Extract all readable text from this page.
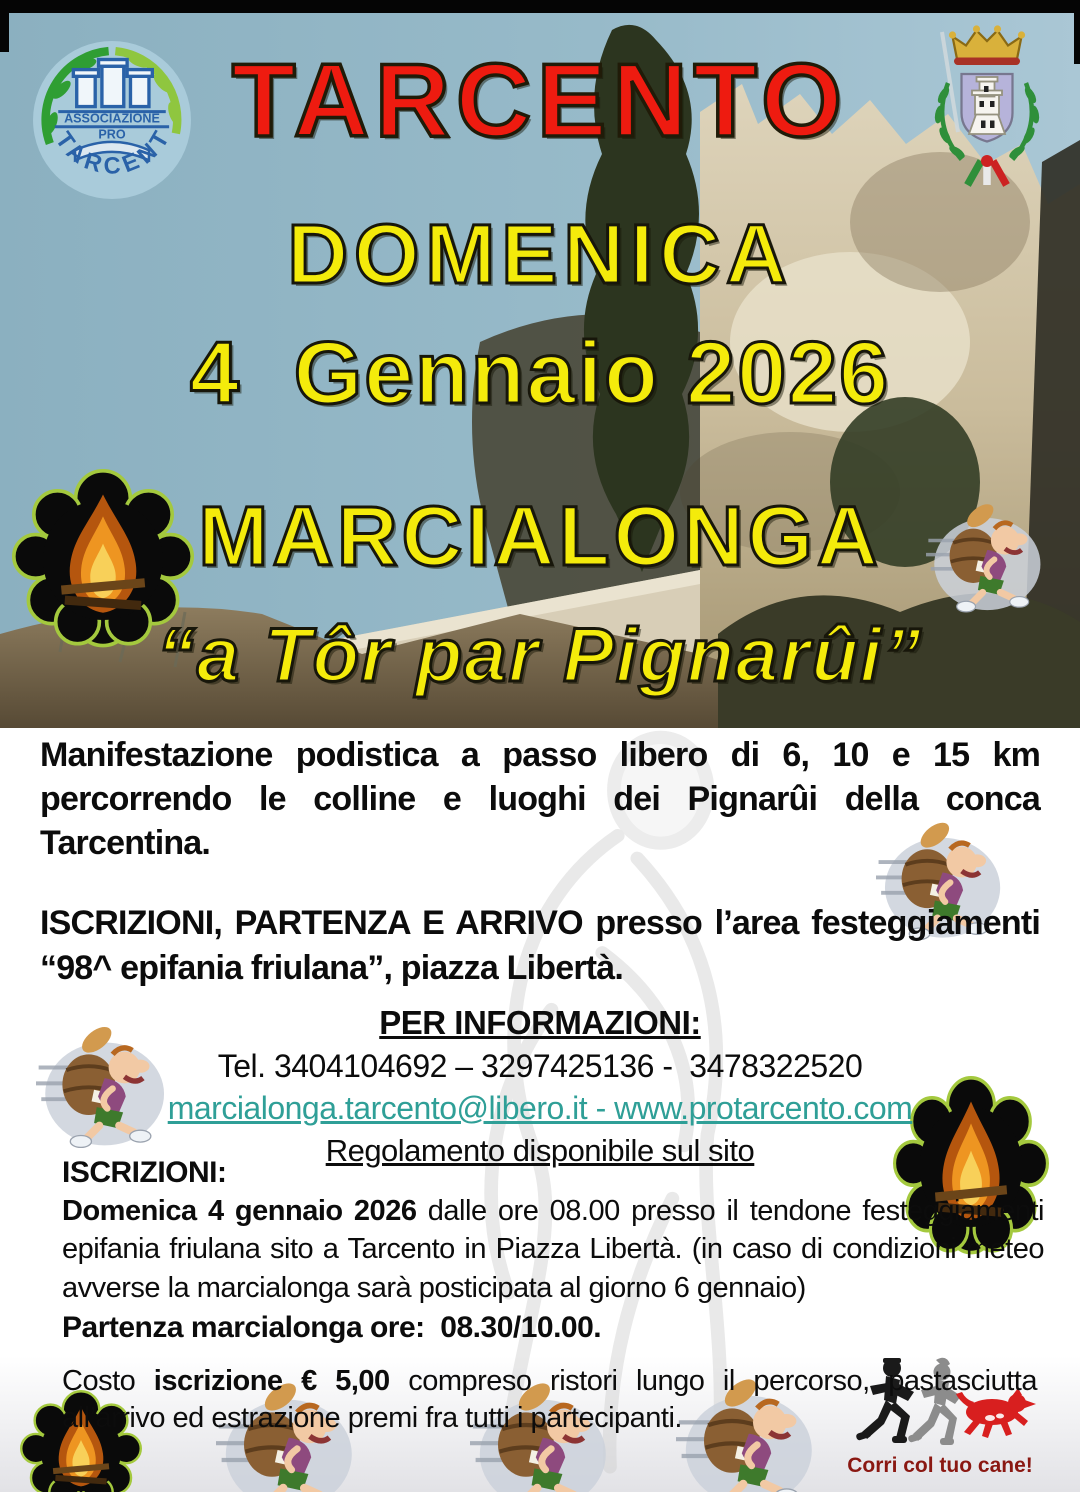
TARCENTO
DOMENICA
4  Gennaio 2026
MARCIALONGA
“a Tôr par Pignarûi”
Manifestazione podistica a passo libero di 6, 10 e 15 km percorrendo le colline e luoghi dei Pignarûi della conca Tarcentina.
ISCRIZIONI, PARTENZA E ARRIVO presso l’area festeggiamenti “98^ epifania friulana”, piazza Libertà.
PER INFORMAZIONI:
Tel. 3404104692 – 3297425136 -  3478322520
marcialonga.tarcento@libero.it - www.protarcento.com
Regolamento disponibile sul sito
ISCRIZIONI:
Domenica 4 gennaio 2026 dalle ore 08.00 presso il tendone festeggiamenti epifania friulana sito a Tarcento in Piazza Libertà. (in caso di condizioni meteo avverse la marcialonga sarà posticipata al giorno 6 gennaio)
Partenza marcialonga ore:  08.30/10.00.
Costo iscrizione € 5,00 compreso ristori lungo il percorso, pastasciutta all’arrivo ed estrazione premi fra tutti i partecipanti.
Corri col tuo cane!
